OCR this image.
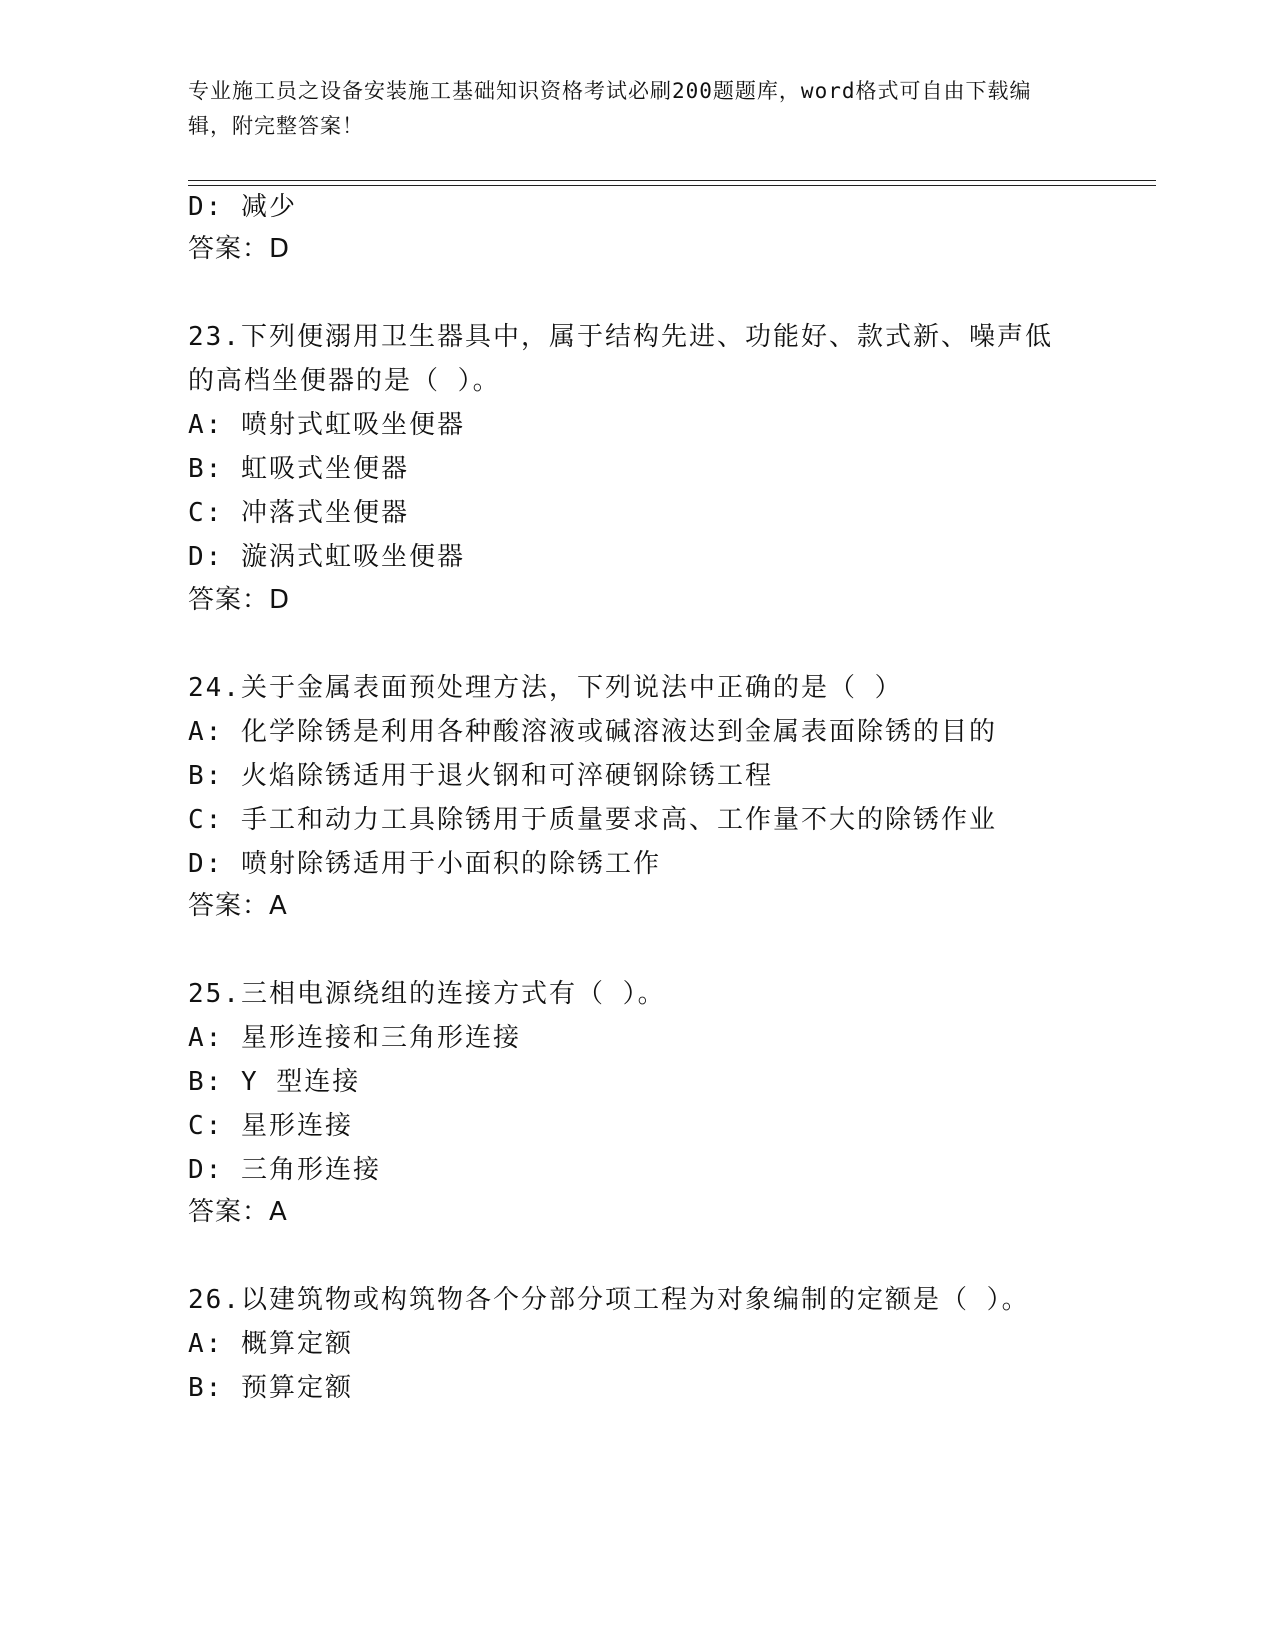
专业施工员之设备安装施工基础知识资格考试必刷200题题库，word格式可自由下载编辑，附完整答案！
D: 减少
答案：D
23.下列便溺用卫生器具中，属于结构先进、功能好、款式新、噪声低
的高档坐便器的是（ ）。
A: 喷射式虹吸坐便器
B: 虹吸式坐便器
C: 冲落式坐便器
D: 漩涡式虹吸坐便器
答案：D
24.关于金属表面预处理方法，下列说法中正确的是（ ）
A: 化学除锈是利用各种酸溶液或碱溶液达到金属表面除锈的目的
B: 火焰除锈适用于退火钢和可淬硬钢除锈工程
C: 手工和动力工具除锈用于质量要求高、工作量不大的除锈作业
D: 喷射除锈适用于小面积的除锈工作
答案：A
25.三相电源绕组的连接方式有（ ）。
A: 星形连接和三角形连接
B: Y 型连接
C: 星形连接
D: 三角形连接
答案：A
26.以建筑物或构筑物各个分部分项工程为对象编制的定额是（ ）。
A: 概算定额
B: 预算定额
